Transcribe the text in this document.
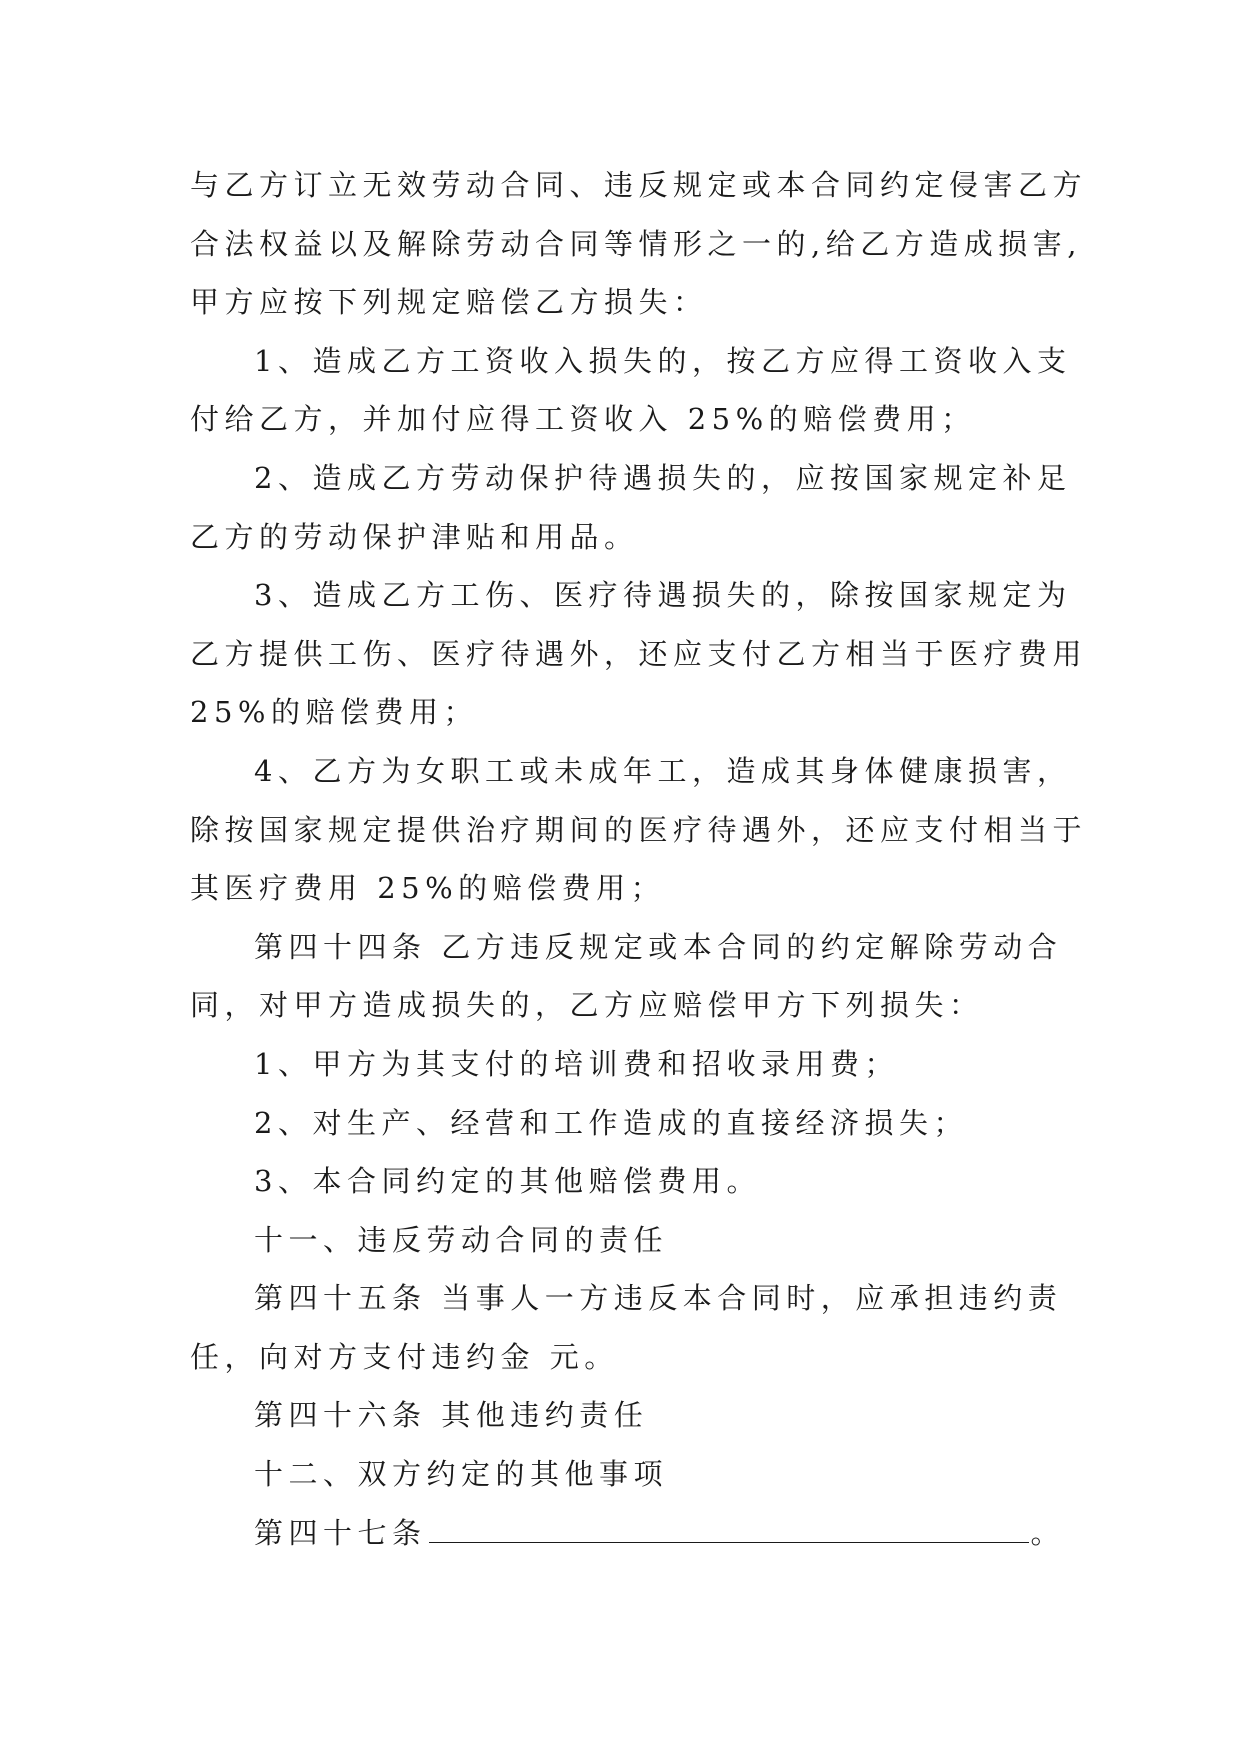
与乙方订立无效劳动合同、违反规定或本合同约定侵害乙方
合法权益以及解除劳动合同等情形之一的,给乙方造成损害,
甲方应按下列规定赔偿乙方损失：
1、造成乙方工资收入损失的，按乙方应得工资收入支
付给乙方，并加付应得工资收入 25%的赔偿费用；
2、造成乙方劳动保护待遇损失的，应按国家规定补足
乙方的劳动保护津贴和用品。
3、造成乙方工伤、医疗待遇损失的，除按国家规定为
乙方提供工伤、医疗待遇外，还应支付乙方相当于医疗费用
25%的赔偿费用；
4、乙方为女职工或未成年工，造成其身体健康损害，
除按国家规定提供治疗期间的医疗待遇外，还应支付相当于
其医疗费用 25%的赔偿费用；
第四十四条 乙方违反规定或本合同的约定解除劳动合
同，对甲方造成损失的，乙方应赔偿甲方下列损失：
1、甲方为其支付的培训费和招收录用费；
2、对生产、经营和工作造成的直接经济损失；
3、本合同约定的其他赔偿费用。
十一、违反劳动合同的责任
第四十五条 当事人一方违反本合同时，应承担违约责
任，向对方支付违约金 元。
第四十六条 其他违约责任
十二、双方约定的其他事项
第四十七条	。
